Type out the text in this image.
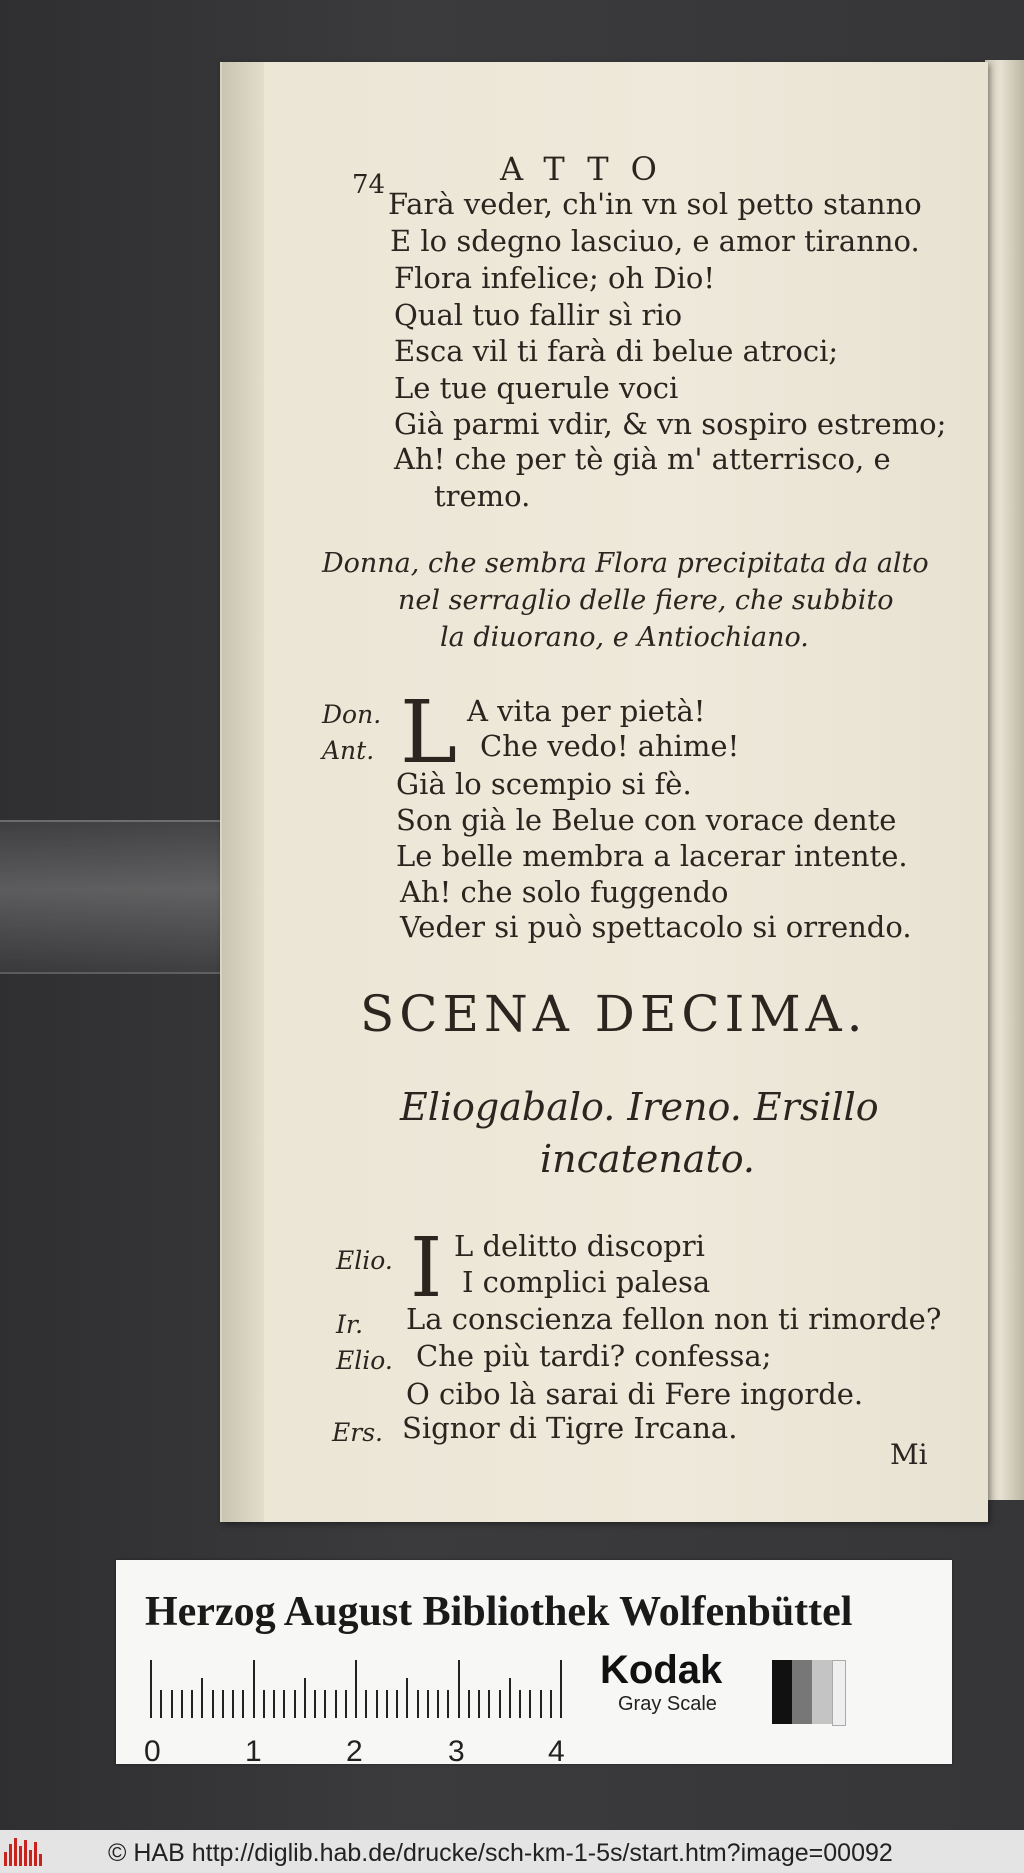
74	ATTO
Farà veder, ch'in vn sol petto stanno
E lo sdegno lasciuo, e amor tiranno.
Flora infelice; oh Dio!
Qual tuo fallir sì rio
Esca vil ti farà di belue atroci;
Le tue querule voci
Già parmi vdir, & vn sospiro estremo;
Ah! che per tè già m' atterrisco, e
tremo.
Donna, che sembra Flora precipitata da alto
nel serraglio delle fiere, che subbito
la diuorano, e Antiochiano.
Don. L A vita per pietà!
Ant.	Che vedo! ahime!
Già lo scempio si fè.
Son già le Belue con vorace dente
Le belle membra a lacerar intente.
Ah! che solo fuggendo
Veder si può spettacolo si orrendo.
SCENA DECIMA.
Eliogabalo. Ireno. Ersillo
incatenato.
Elio. I L delitto discopri
I complici palesa
Ir. La conscienza fellon non ti rimorde?
Elio. Che più tardi? confessa;
O cibo là sarai di Fere ingorde.
Ers. Signor di Tigre Ircana.
Mi
Herzog August Bibliothek Wolfenbüttel
0	1	2	3	4
Kodak
Gray Scale
© HAB http://diglib.hab.de/drucke/sch-km-1-5s/start.htm?image=00092
